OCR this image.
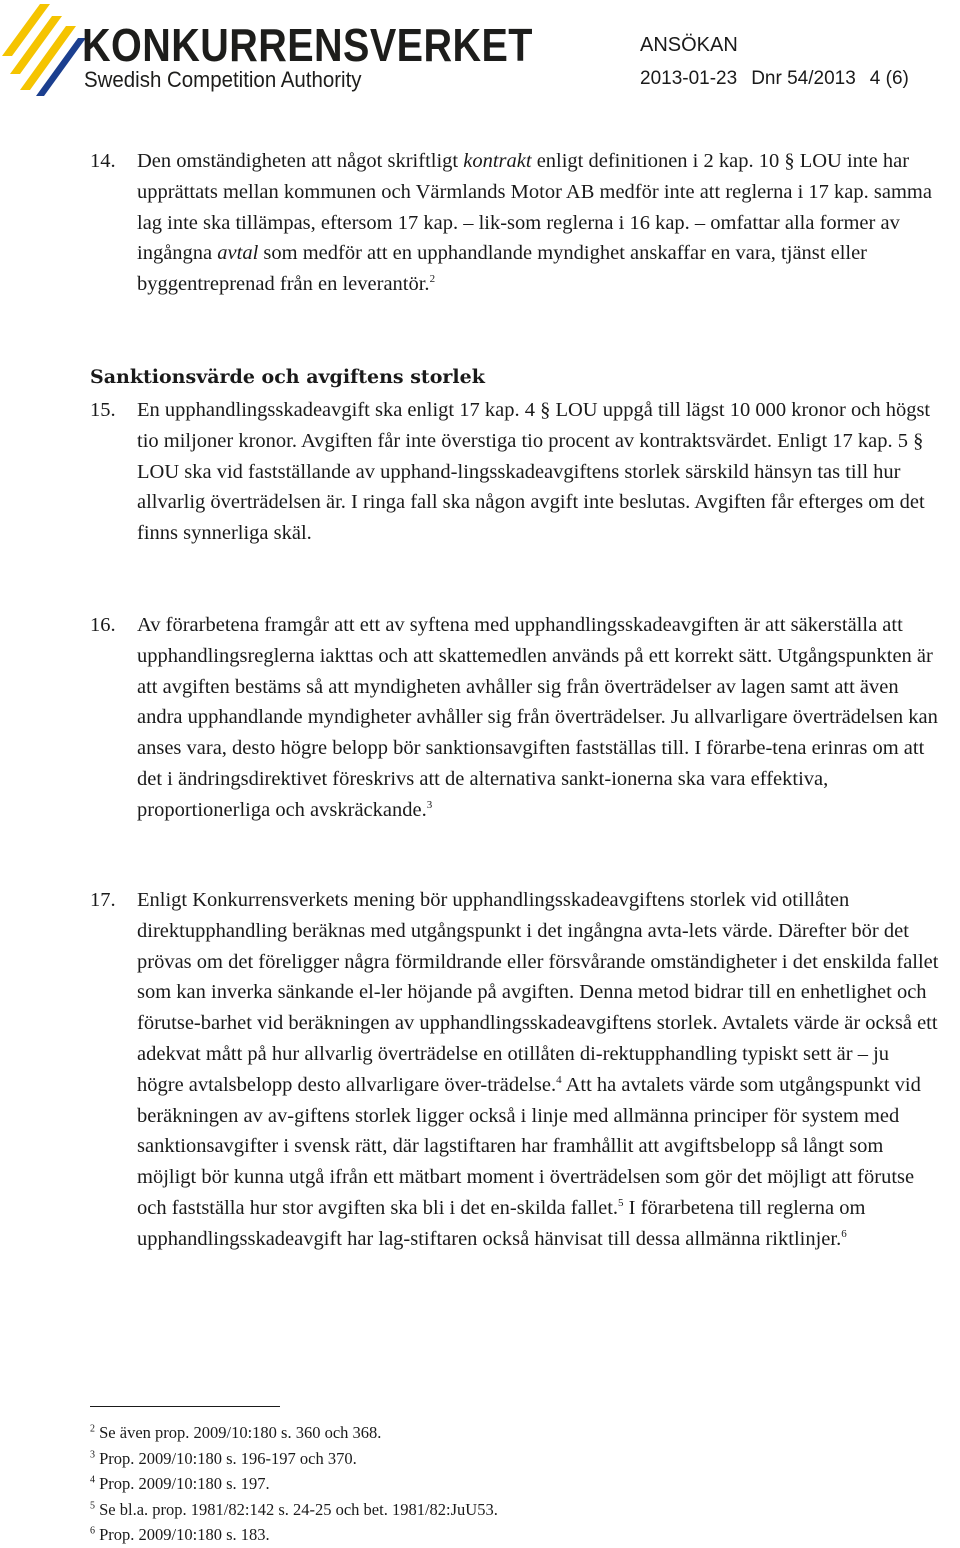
KONKURRENSVERKET
Swedish Competition Authority
ANSÖKAN
2013-01-23 Dnr 54/2013 4 (6)
14. Den omständigheten att något skriftligt kontrakt enligt definitionen i 2 kap. 10 § LOU inte har upprättats mellan kommunen och Värmlands Motor AB medför inte att reglerna i 17 kap. samma lag inte ska tillämpas, eftersom 17 kap. – lik-som reglerna i 16 kap. – omfattar alla former av ingångna avtal som medför att en upphandlande myndighet anskaffar en vara, tjänst eller byggentreprenad från en leverantör.$^2$
Sanktionsvärde och avgiftens storlek
15. En upphandlingsskadeavgift ska enligt 17 kap. 4 § LOU uppgå till lägst 10 000 kronor och högst tio miljoner kronor. Avgiften får inte överstiga tio procent av kontraktsvärdet. Enligt 17 kap. 5 § LOU ska vid fastställande av upphand-lingsskadeavgiftens storlek särskild hänsyn tas till hur allvarlig överträdelsen är. I ringa fall ska någon avgift inte beslutas. Avgiften får efterges om det finns synnerliga skäl.
16. Av förarbetena framgår att ett av syftena med upphandlingsskadeavgiften är att säkerställa att upphandlingsreglerna iakttas och att skattemedlen används på ett korrekt sätt. Utgångspunkten är att avgiften bestäms så att myndigheten avhåller sig från överträdelser av lagen samt att även andra upphandlande myndigheter avhåller sig från överträdelser. Ju allvarligare överträdelsen kan anses vara, desto högre belopp bör sanktionsavgiften fastställas till. I förarbe-tena erinras om att det i ändringsdirektivet föreskrivs att de alternativa sankt-ionerna ska vara effektiva, proportionerliga och avskräckande.$^3$
17. Enligt Konkurrensverkets mening bör upphandlingsskadeavgiftens storlek vid otillåten direktupphandling beräknas med utgångspunkt i det ingångna avta-lets värde. Därefter bör det prövas om det föreligger några förmildrande eller försvårande omständigheter i det enskilda fallet som kan inverka sänkande el-ler höjande på avgiften. Denna metod bidrar till en enhetlighet och förutse-barhet vid beräkningen av upphandlingsskadeavgiftens storlek. Avtalets värde är också ett adekvat mått på hur allvarlig överträdelse en otillåten di-rektupphandling typiskt sett är – ju högre avtalsbelopp desto allvarligare över-trädelse.$^4$ Att ha avtalets värde som utgångspunkt vid beräkningen av av-giftens storlek ligger också i linje med allmänna principer för system med sanktionsavgifter i svensk rätt, där lagstiftaren har framhållit att avgiftsbelopp så långt som möjligt bör kunna utgå ifrån ett mätbart moment i överträdelsen som gör det möjligt att förutse och fastställa hur stor avgiften ska bli i det en-skilda fallet.$^5$ I förarbetena till reglerna om upphandlingsskadeavgift har lag-stiftaren också hänvisat till dessa allmänna riktlinjer.$^6$
$^2$ Se även prop. 2009/10:180 s. 360 och 368.
$^3$ Prop. 2009/10:180 s. 196-197 och 370.
$^4$ Prop. 2009/10:180 s. 197.
$^5$ Se bl.a. prop. 1981/82:142 s. 24-25 och bet. 1981/82:JuU53.
$^6$ Prop. 2009/10:180 s. 183.
